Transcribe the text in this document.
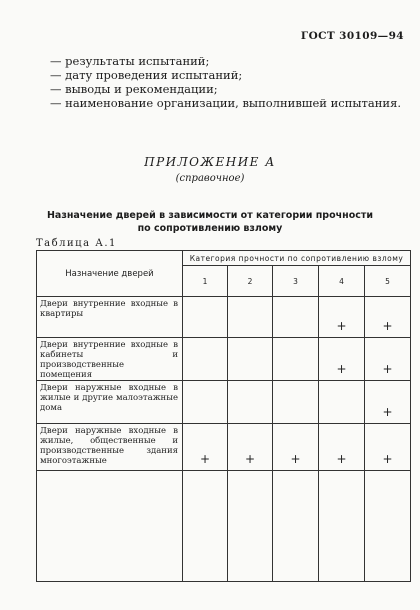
ГОСТ 30109—94
— результаты испытаний;
— дату проведения испытаний;
— выводы и рекомендации;
— наименование организации, выполнившей испытания.
ПРИЛОЖЕНИЕ А
(справочное)
Назначение дверей в зависимости от категории прочности
по сопротивлению взлому
Таблица А.1
Назначение дверей	Категория прочности по сопротивлению взлому				
	1	2	3	4	5
Двери внутренние входные в квартиры				+	+
Двери внутренние входные в кабинеты и производственные помещения				+	+
Двери наружные входные в жилые и другие малоэтажные дома					+
Двери наружные входные в жилые, общественные и производственные здания многоэтажные	+	+	+	+	+
